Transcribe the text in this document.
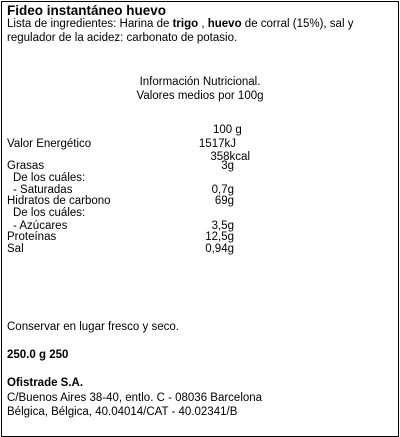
Fideo instantáneo huevo
Lista de ingredientes: Harina de trigo , huevo de corral (15%), sal y regulador de la acidez: carbonato de potasio.
Información Nutricional.
Valores medios por 100g
100 g
Valor Energético	1517kJ
358kcal
Grasas	3g
De los cuáles:
- Saturadas	0,7g
Hidratos de carbono	69g
De los cuáles:
- Azúcares	3,5g
Proteínas	12,5g
Sal	0,94g
Conservar en lugar fresco y seco.
250.0 g 250
Ofistrade S.A.
C/Buenos Aires 38-40, entlo. C - 08036 Barcelona
Bélgica, Bélgica, 40.04014/CAT - 40.02341/B
